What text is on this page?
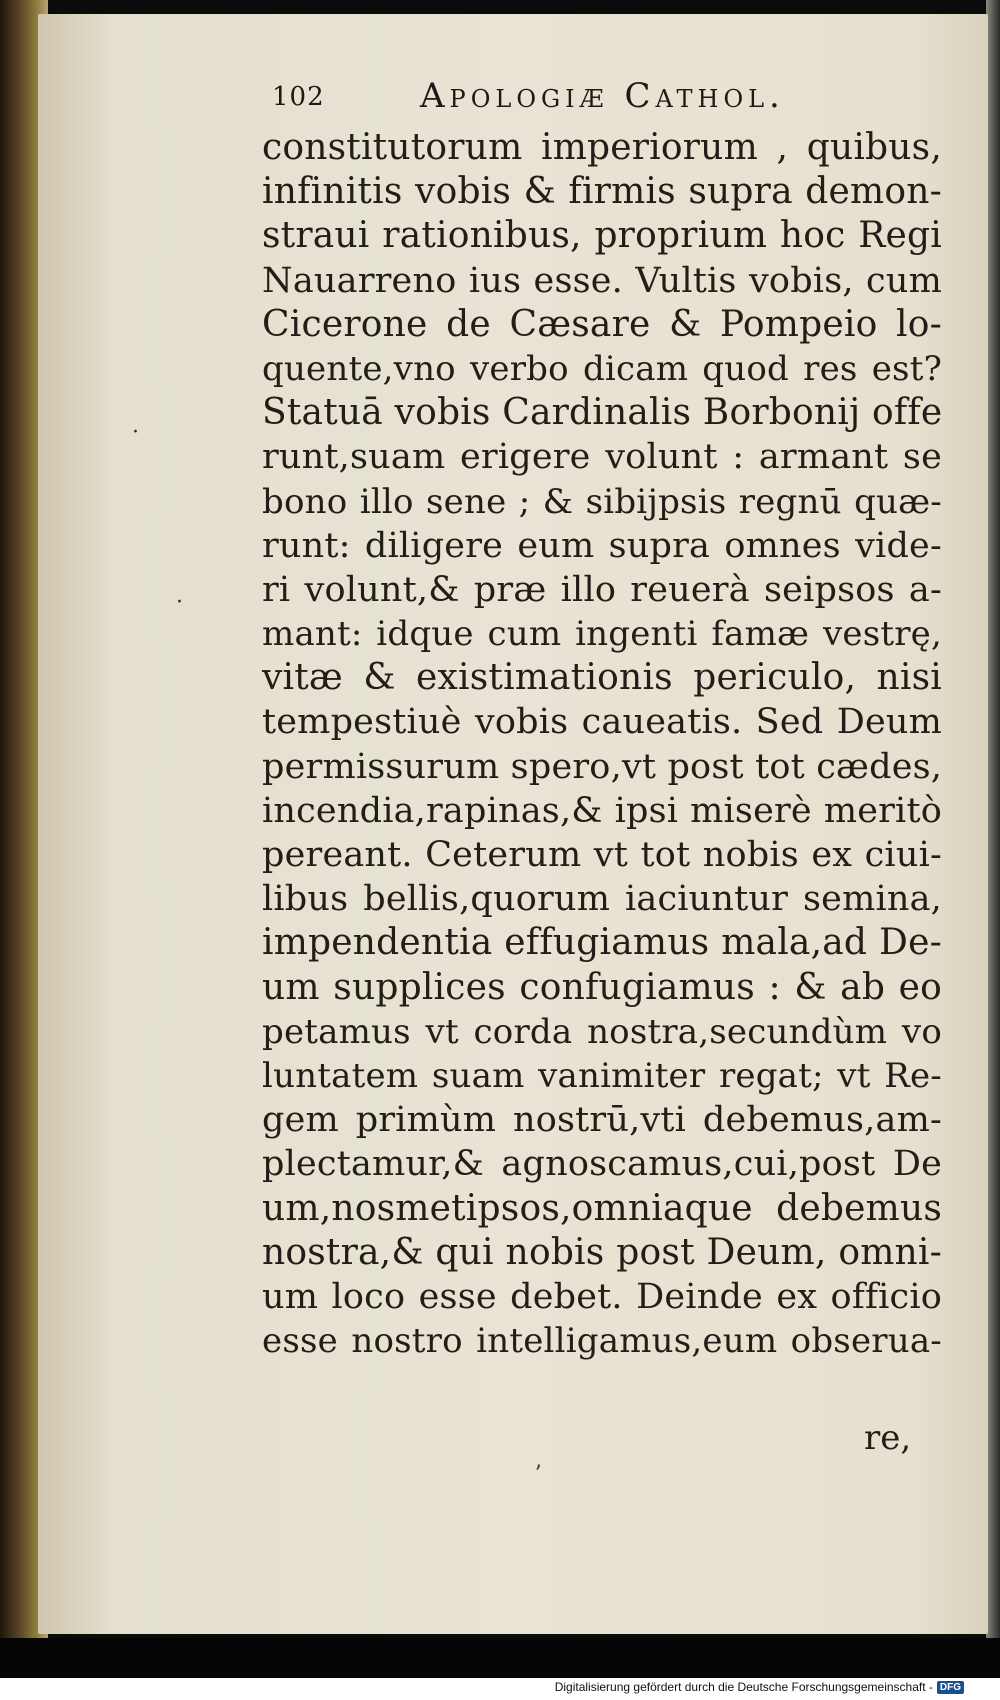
102	Apologiæ Cathol.
constitutorum imperiorum , quibus,
infinitis vobis & firmis supra demon-
straui rationibus, proprium hoc Regi
Nauarreno ius esse. Vultis vobis, cum
Cicerone de Cæsare & Pompeio lo-
quente,vno verbo dicam quod res est?
Statuā vobis Cardinalis Borbonij offe
runt,suam erigere volunt : armant se
bono illo sene ; & sibijpsis regnū quæ-
runt: diligere eum supra omnes vide-
ri volunt,& præ illo reuerà seipsos a-
mant: idque cum ingenti famæ vestrę,
vitæ & existimationis periculo, nisi
tempestiuè vobis caueatis. Sed Deum
permissurum spero,vt post tot cædes,
incendia,rapinas,& ipsi miserè meritò
pereant. Ceterum vt tot nobis ex ciui-
libus bellis,quorum iaciuntur semina,
impendentia effugiamus mala,ad De-
um supplices confugiamus : & ab eo
petamus vt corda nostra,secundùm vo
luntatem suam vanimiter regat; vt Re-
gem primùm nostrū,vti debemus,am-
plectamur,& agnoscamus,cui,post De
um,nosmetipsos,omniaque debemus
nostra,& qui nobis post Deum, omni-
um loco esse debet. Deinde ex officio
esse nostro intelligamus,eum obserua-
re,
·
·
ʼ
Digitalisierung gefördert durch die Deutsche Forschungsgemeinschaft - DFG
